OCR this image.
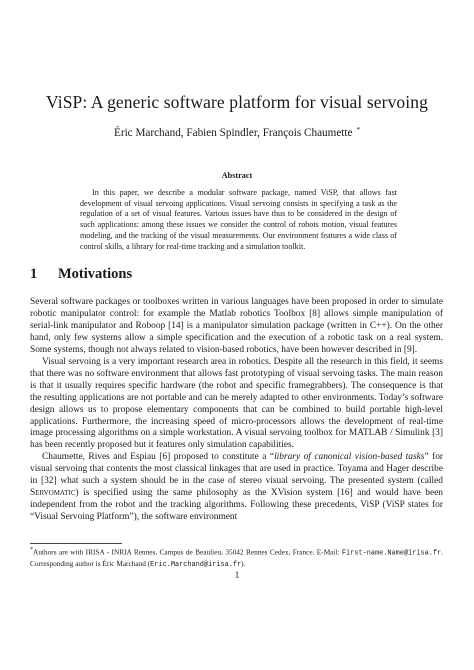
ViSP: A generic software platform for visual servoing
Éric Marchand, Fabien Spindler, François Chaumette *
Abstract

In this paper, we describe a modular software package, named ViSP, that allows fast development of visual servoing applications. Visual servoing consists in specifying a task as the regulation of a set of visual features. Various issues have thus to be considered in the design of such applications: among these issues we consider the control of robots motion, visual features modeling, and the tracking of the visual measurements. Our environment features a wide class of control skills, a library for real-time tracking and a simulation toolkit.

1 Motivations

Several software packages or toolboxes written in various languages have been proposed in order to simulate robotic manipulator control: for example the Matlab robotics Toolbox [8] allows simple manipulation of serial-link manipulator and Roboop [14] is a manipulator simulation package (written in C++). On the other hand, only few systems allow a simple specification and the execution of a robotic task on a real system. Some systems, though not always related to vision-based robotics, have been however described in [9].

Visual servoing is a very important research area in robotics. Despite all the research in this field, it seems that there was no software environment that allows fast prototyping of visual servoing tasks. The main reason is that it usually requires specific hardware (the robot and specific framegrabbers). The consequence is that the resulting applications are not portable and can be merely adapted to other environments. Today’s software design allows us to propose elementary components that can be combined to build portable high-level applications. Furthermore, the increasing speed of micro-processors allows the development of real-time image processing algorithms on a simple workstation. A visual servoing toolbox for MATLAB / Simulink [3] has been recently proposed but it features only simulation capabilities.

Chaumette, Rives and Espiau [6] proposed to constitute a “library of canonical vision-based tasks” for visual servoing that contents the most classical linkages that are used in practice. Toyama and Hager describe in [32] what such a system should be in the case of stereo visual servoing. The presented system (called Servomatic) is specified using the same philosophy as the XVision system [16] and would have been independent from the robot and the tracking algorithms. Following these precedents, ViSP (ViSP states for “Visual Servoing Platform”), the software environment

*Authors are with IRISA - INRIA Rennes, Campus de Beaulieu, 35042 Rennes Cedex, France. E-Mail: First-name.Name@irisa.fr. Corresponding author is Éric Marchand (Eric.Marchand@irisa.fr).
1
